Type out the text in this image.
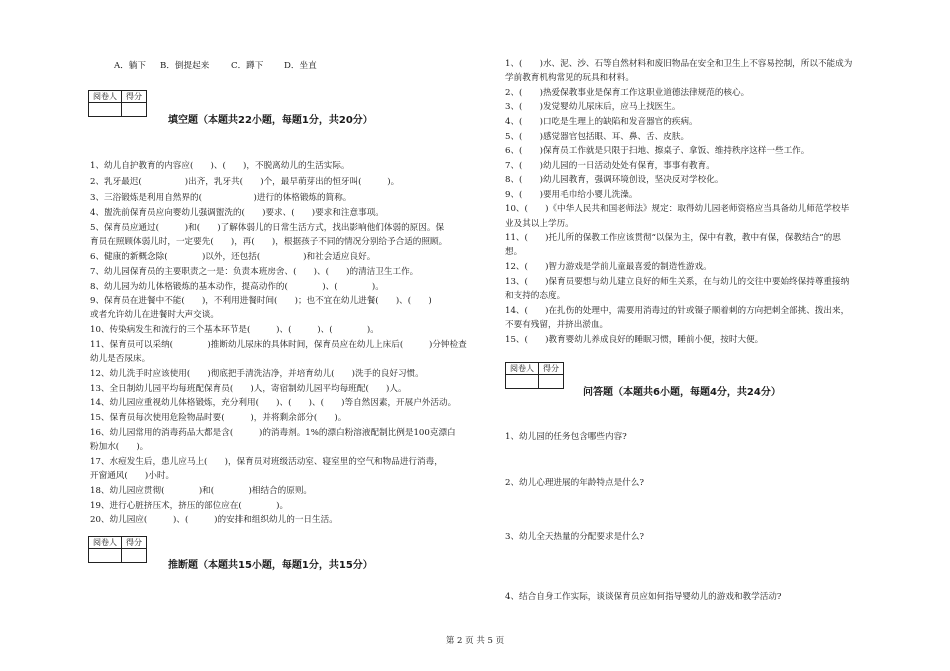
A．躺下 B．倒提起来	C．蹲下 D．坐直
阅卷人	得分

填空题（本题共22小题，每题1分，共20分）
1、幼儿自护教育的内容应(　　)、(　　)，不脱离幼儿的生活实际。
2、乳牙最迟(　　　　　)出齐，乳牙共(　　)个，最早萌芽出的恒牙叫(　　　)。
3、三浴锻炼是利用自然界的(　　　　　　)进行的体格锻炼的简称。
4、盥洗前保育员应向婴幼儿强调盥洗的(　　)要求、(　　)要求和注意事项。
5、保育员应通过(　　　)和(　　)了解体弱儿的日常生活方式，找出影响他们体弱的原因。保
育员在照顾体弱儿时，一定要先(　　)，再(　　)，根据孩子不同的情况分别给予合适的照顾。
6、健康的新概念除(　　　　)以外，还包括(　　　　　)和社会适应良好。
7、幼儿园保育员的主要职责之一是：负责本班房舍、(　　)、(　　)的清洁卫生工作。
8、幼儿园为幼儿体格锻炼的基本动作，提高动作的(　　　　)、(　　　　)。
9、保育员在进餐中不能(　　)，不利用进餐时间(　　)；也不宜在幼儿进餐(　　)、(　　)
或者允许幼儿在进餐时大声交谈。
10、传染病发生和流行的三个基本环节是(　　　)、(　　　)、(　　　　)。
11、保育员可以采纳(　　　　)推断幼儿尿床的具体时间，保育员应在幼儿上床后(　　　)分钟检查
幼儿是否尿床。
12、幼儿洗手时应该使用(　　)彻底把手清洗洁净，并培育幼儿(　　)洗手的良好习惯。
13、全日制幼儿园平均每班配保育员(　　)人，寄宿制幼儿园平均每班配(　　)人。
14、幼儿园应重视幼儿体格锻炼，充分利用(　　)、(　　)、(　　)等自然因素，开展户外活动。
15、保育员每次使用危险物品时要(　　　)，并将剩余部分(　　)。
16、幼儿园常用的消毒药品大都是含(　　　)的消毒剂。1%的漂白粉溶液配制比例是100克漂白
粉加水(　　)。
17、水痘发生后，患儿应马上(　　)，保育员对班级活动室、寝室里的空气和物品进行消毒，
开窗通风(　　)小时。
18、幼儿园应贯彻(　　　　)和(　　　　)相结合的原则。
19、进行心脏挤压术，挤压的部位应在(　　　　)。
20、幼儿园应(　　　)、(　　　)的安排和组织幼儿的一日生活。
阅卷人	得分

推断题（本题共15小题，每题1分，共15分）
1、(　　)水、泥、沙、石等自然材料和废旧物品在安全和卫生上不容易控制，所以不能成为
学前教育机构常见的玩具和材料。
2、(　　)热爱保教事业是保育工作这职业道德法律规范的核心。
3、(　　)发觉婴幼儿尿床后，应马上找医生。
4、(　　)口吃是生理上的缺陷和发音器官的疾病。
5、(　　)感觉器官包括眼、耳、鼻、舌、皮肤。
6、(　　)保育员工作就是只限于扫地、擦桌子、拿饭、维持秩序这样一些工作。
7、(　　)幼儿园的一日活动处处有保育，事事有教育。
8、(　　)幼儿园教育，强调环境创设，坚决反对学校化。
9、(　　)要用毛巾给小婴儿洗澡。
10、(　　)《中华人民共和国老师法》规定：取得幼儿园老师资格应当具备幼儿师范学校毕
业及其以上学历。
11、(　　)托儿所的保教工作应该贯彻“以保为主，保中有教，教中有保，保教结合”的思
想。
12、(　　)智力游戏是学前儿童最喜爱的制造性游戏。
13、(　　)保育员要想与幼儿建立良好的师生关系，在与幼儿的交往中要始终保持尊重接纳
和支持的态度。
14、(　　)在扎伤的处理中，需要用消毒过的针或镊子顺着刺的方向把刺全部挑、拨出来，
不要有残留，并挤出淤血。
15、(　　)教育婴幼儿养成良好的睡眠习惯，睡前小便，按时大便。
阅卷人	得分

问答题（本题共6小题，每题4分，共24分）
1、幼儿园的任务包含哪些内容?
2、幼儿心理进展的年龄特点是什么?
3、幼儿全天热量的分配要求是什么?
4、结合自身工作实际，谈谈保育员应如何指导婴幼儿的游戏和教学活动?
第 2 页 共 5 页
